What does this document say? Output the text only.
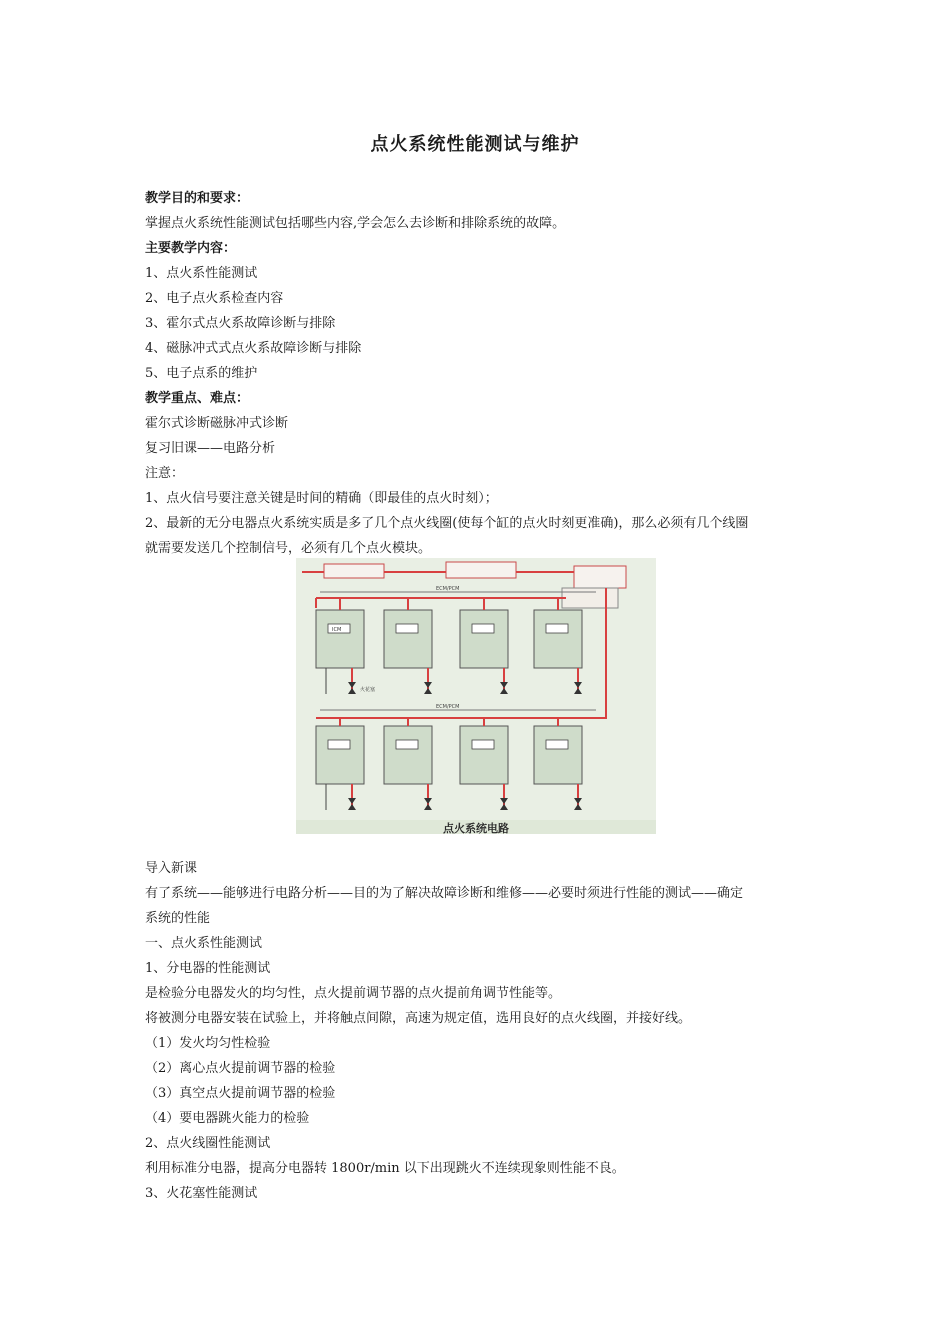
点火系统性能测试与维护
教学目的和要求：
掌握点火系统性能测试包括哪些内容,学会怎么去诊断和排除系统的故障。
主要教学内容：
1、点火系性能测试
2、电子点火系检查内容
3、霍尔式点火系故障诊断与排除
4、磁脉冲式式点火系故障诊断与排除
5、电子点系的维护
教学重点、难点：
霍尔式诊断磁脉冲式诊断
复习旧课——电路分析
注意：
1、点火信号要注意关键是时间的精确（即最佳的点火时刻）；
2、最新的无分电器点火系统实质是多了几个点火线圈(使每个缸的点火时刻更准确)，那么必须有几个线圈
就需要发送几个控制信号，必须有几个点火模块。
ECM/PCM
ECM/PCM
ICM
火花塞
点火系统电路
导入新课
有了系统——能够进行电路分析——目的为了解决故障诊断和维修——必要时须进行性能的测试——确定
系统的性能
一、点火系性能测试
1、分电器的性能测试
是检验分电器发火的均匀性，点火提前调节器的点火提前角调节性能等。
将被测分电器安装在试验上，并将触点间隙，高速为规定值，选用良好的点火线圈，并接好线。
（1）发火均匀性检验
（2）离心点火提前调节器的检验
（3）真空点火提前调节器的检验
（4）要电器跳火能力的检验
2、点火线圈性能测试
利用标准分电器，提高分电器转 1800r/min 以下出现跳火不连续现象则性能不良。
3、火花塞性能测试
